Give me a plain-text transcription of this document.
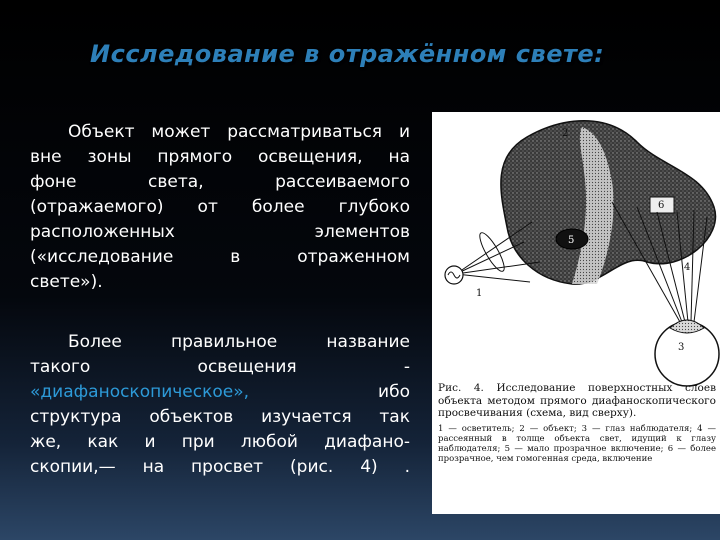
Исследование в отражённом свете:
Объект может рассматриваться и
вне зоны прямого освещения, на
фоне света, рассеиваемого
(отражаемого) от более глубоко
расположенных элементов
(«исследование в отраженном
свете»).
Более правильное название
такого освещения -
«диафаноскопическое», ибо
структура объектов изучается так
же, как и при любой диафано-
скопии,— на просвет (рис. 4) .
2
6
5
4
1
3
Рис. 4. Исследование поверхностных слоев объекта методом прямого диафаноскопического просвечивания (схема, вид сверху).
1 — осветитель; 2 — объект; 3 — глаз наблюдателя; 4 — рассеянный в толще объекта свет, идущий к глазу наблюдателя; 5 — мало прозрачное включение; 6 — более прозрачное, чем гомогенная среда, включение
